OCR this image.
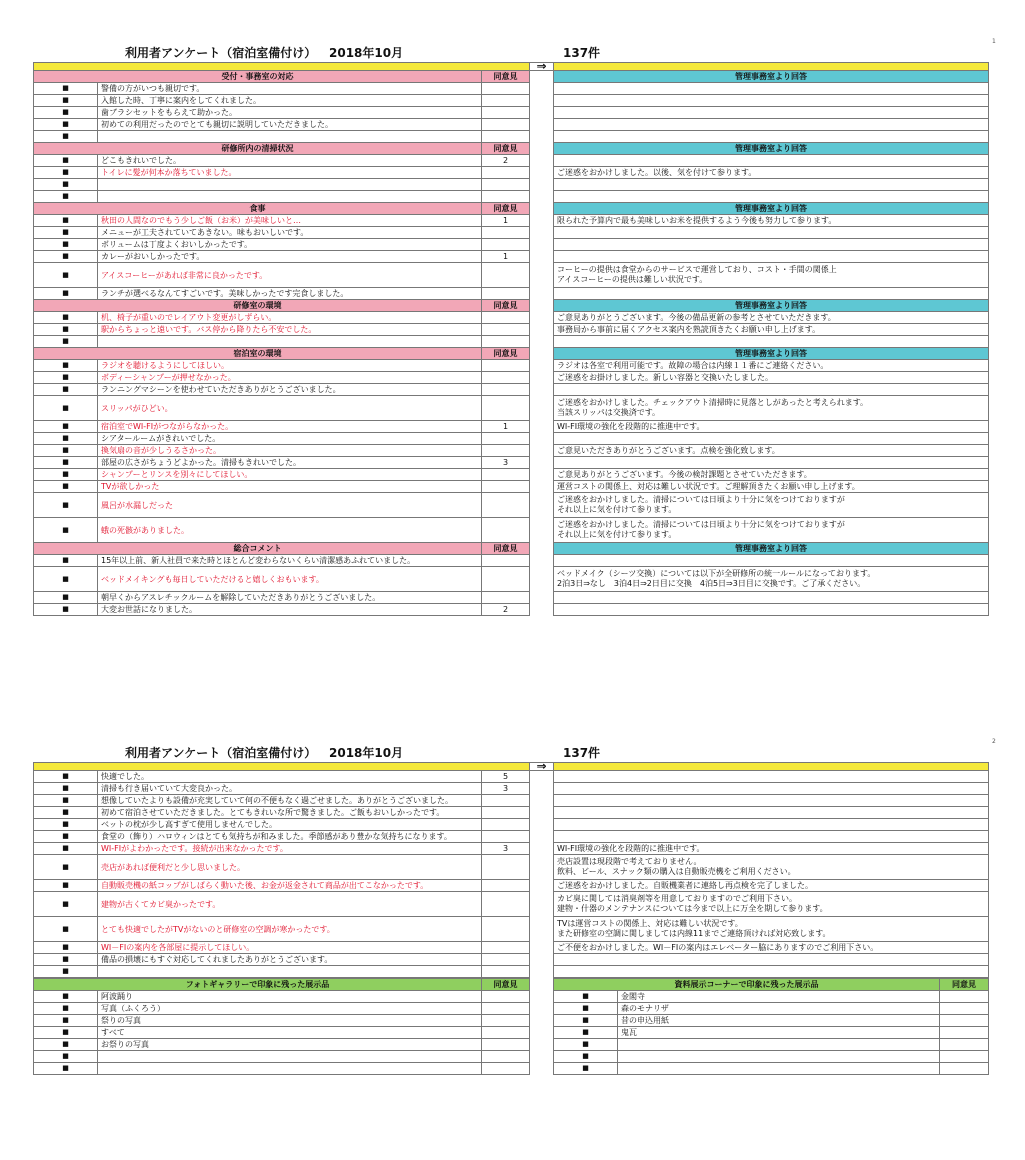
1
2
利用者アンケート（宿泊室備付け） 2018年10月	137件
			⇒	
受付・事務室の対応		同意見		管理事務室より回答
■	警備の方がいつも親切です。			
■	入館した時、丁寧に案内をしてくれました。			
■	歯ブラシセットをもらえて助かった。			
■	初めての利用だったのでとても親切に説明していただきました。			
■				
研修所内の清掃状況		同意見		管理事務室より回答
■	どこもきれいでした。	2		
■	トイレに髪が何本か落ちていました。			ご迷惑をおかけしました。以後、気を付けて参ります。
■				
■				
食事		同意見		管理事務室より回答
■	秋田の人間なのでもう少しご飯（お米）が美味しいと…	1		限られた予算内で最も美味しいお米を提供するよう今後も努力して参ります。
■	メニューが工夫されていてあきない。味もおいしいです。			
■	ボリュームは丁度よくおいしかったです。			
■	カレーがおいしかったです。	1		
■	アイスコーヒーがあれば非常に良かったです。			コーヒーの提供は食堂からのサービスで運営しており、コスト・手間の関係上
アイスコーヒーの提供は難しい状況です。
■	ランチが選べるなんてすごいです。美味しかったです完食しました。			
研修室の環境		同意見		管理事務室より回答
■	机、椅子が重いのでレイアウト変更がしずらい。			ご意見ありがとうございます。今後の備品更新の参考とさせていただきます。
■	駅からちょっと遠いです。バス停から降りたら不安でした。			事務局から事前に届くアクセス案内を熟読頂きたくお願い申し上げます。
■				
宿泊室の環境		同意見		管理事務室より回答
■	ラジオを聴けるようにしてほしい。			ラジオは各室で利用可能です。故障の場合は内線１１番にご連絡ください。
■	ボディーシャンプーが押せなかった。			ご迷惑をお掛けしました。新しい容器と交換いたしました。
■	ランニングマシーンを使わせていただきありがとうございました。			
■	スリッパがひどい。			ご迷惑をおかけしました。チェックアウト清掃時に見落としがあったと考えられます。
当該スリッパは交換済です。
■	宿泊室でWI-FIがつながらなかった。	1		WI-FI環境の強化を段階的に推進中です。
■	シアタールームがきれいでした。			
■	換気扇の音が少しうるさかった。			ご意見いただきありがとうございます。点検を強化致します。
■	部屋の広さがちょうどよかった。清掃もきれいでした。	3		
■	シャンプーとリンスを別々にしてほしい。			ご意見ありがとうございます。今後の検討課題とさせていただきます。
■	TVが欲しかった			運営コストの関係上、対応は難しい状況です。ご理解頂きたくお願い申し上げます。
■	風呂が水漏しだった			ご迷惑をおかけしました。清掃については日頃より十分に気をつけておりますが
それ以上に気を付けて参ります。
■	蛾の死骸がありました。			ご迷惑をおかけしました。清掃については日頃より十分に気をつけておりますが
それ以上に気を付けて参ります。
総合コメント		同意見		管理事務室より回答
■	15年以上前、新人社員で来た時とほとんど変わらないくらい清潔感あふれていました。			
■	ベッドメイキングも毎日していただけると嬉しくおもいます。			ベッドメイク（シーツ交換）については以下が全研修所の統一ルールになっております。
2泊3日⇒なし　3泊4日⇒2日目に交換　4泊5日⇒3日目に交換です。ご了承ください。
■	朝早くからアスレチックルームを解除していただきありがとうございました。			
■	大変お世話になりました。	2		
利用者アンケート（宿泊室備付け） 2018年10月	137件
			⇒	
■	快適でした。	5		
■	清掃も行き届いていて大変良かった。	3		
■	想像していたよりも設備が充実していて何の不便もなく過ごせました。ありがとうございました。			
■	初めて宿泊させていただきました。とてもきれいな所で驚きました。ご飯もおいしかったです。			
■	ベットの枕が少し高すぎて使用しませんでした。			
■	食堂の（飾り）ハロウィンはとても気持ちが和みました。季節感があり豊かな気持ちになります。			
■	WI-FIがよわかったです。接続が出来なかったです。	3		WI-FI環境の強化を段階的に推進中です。
■	売店があれば便利だと少し思いました。			売店設置は現段階で考えておりません。
飲料、ビール、スナック類の購入は自動販売機をご利用ください。
■	自動販売機の紙コップがしばらく動いた後、お金が返金されて商品が出てこなかったです。			ご迷惑をおかけしました。自販機業者に連絡し再点検を完了しました。
■	建物が古くてカビ臭かったです。			カビ臭に関しては消臭剤等を用意しておりますのでご利用下さい。
建物・什器のメンテナンスについては今まで以上に万全を期して参ります。
■	とても快適でしたがTVがないのと研修室の空調が寒かったです。			TVは運営コストの関係上、対応は難しい状況です。
また研修室の空調に関しましては内線11までご連絡頂ければ対応致します。
■	WI－FIの案内を各部屋に提示してほしい。			ご不便をおかけしました。WI－FIの案内はエレベーター脇にありますのでご利用下さい。
■	備品の損壊にもすぐ対応してくれましたありがとうございます。			
■				
フォトギャラリーで印象に残った展示品		同意見		資料展示コーナーで印象に残った展示品		同意見
■	阿波踊り			■	金閣寺	
■	写真（ふくろう）			■	森のモナリザ	
■	祭りの写真			■	昔の申込用紙	
■	すべて			■	鬼瓦	
■	お祭りの写真			■		
■				■		
■				■		
